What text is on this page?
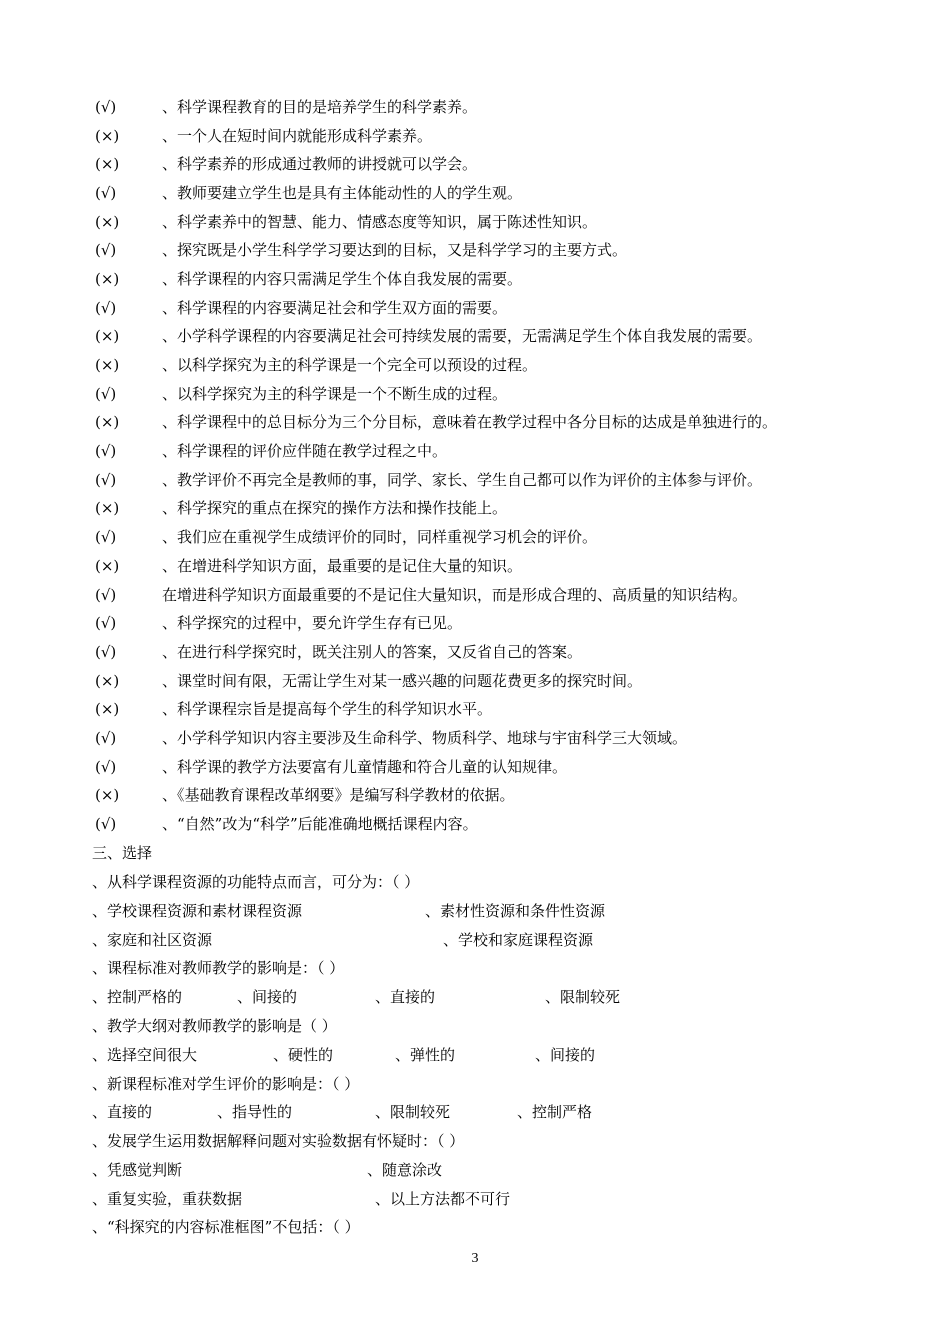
(√)	、科学课程教育的目的是培养学生的科学素养。
(×)	、一个人在短时间内就能形成科学素养。
(×)	、科学素养的形成通过教师的讲授就可以学会。
(√)	、教师要建立学生也是具有主体能动性的人的学生观。
(×)	、科学素养中的智慧、能力、情感态度等知识，属于陈述性知识。
(√)	、探究既是小学生科学学习要达到的目标，又是科学学习的主要方式。
(×)	、科学课程的内容只需满足学生个体自我发展的需要。
(√)	、科学课程的内容要满足社会和学生双方面的需要。
(×)	、小学科学课程的内容要满足社会可持续发展的需要，无需满足学生个体自我发展的需要。
(×)	、以科学探究为主的科学课是一个完全可以预设的过程。
(√)	、以科学探究为主的科学课是一个不断生成的过程。
(×)	、科学课程中的总目标分为三个分目标，意味着在教学过程中各分目标的达成是单独进行的。
(√)	、科学课程的评价应伴随在教学过程之中。
(√)	、教学评价不再完全是教师的事，同学、家长、学生自己都可以作为评价的主体参与评价。
(×)	、科学探究的重点在探究的操作方法和操作技能上。
(√)	、我们应在重视学生成绩评价的同时，同样重视学习机会的评价。
(×)	、在增进科学知识方面，最重要的是记住大量的知识。
(√)	在增进科学知识方面最重要的不是记住大量知识，而是形成合理的、高质量的知识结构。
(√)	、科学探究的过程中，要允许学生存有已见。
(√)	、在进行科学探究时，既关注别人的答案，又反省自己的答案。
(×)	、课堂时间有限，无需让学生对某一感兴趣的问题花费更多的探究时间。
(×)	、科学课程宗旨是提高每个学生的科学知识水平。
(√)	、小学科学知识内容主要涉及生命科学、物质科学、地球与宇宙科学三大领域。
(√)	、科学课的教学方法要富有儿童情趣和符合儿童的认知规律。
(×)	、《基础教育课程改革纲要》是编写科学教材的依据。
(√)	、“自然”改为“科学”后能准确地概括课程内容。
三、选择
、从科学课程资源的功能特点而言，可分为：（ ）
、学校课程资源和素材课程资源	、素材性资源和条件性资源
、家庭和社区资源	、学校和家庭课程资源
、课程标准对教师教学的影响是：（ ）
、控制严格的	、间接的	、直接的	、限制较死
、教学大纲对教师教学的影响是（ ）
、选择空间很大	、硬性的	、弹性的	、间接的
、新课程标准对学生评价的影响是：（ ）
、直接的	、指导性的	、限制较死	、控制严格
、发展学生运用数据解释问题对实验数据有怀疑时：（ ）
、凭感觉判断	、随意涂改
、重复实验，重获数据	、以上方法都不可行
、“科探究的内容标准框图”不包括：（ ）
3
